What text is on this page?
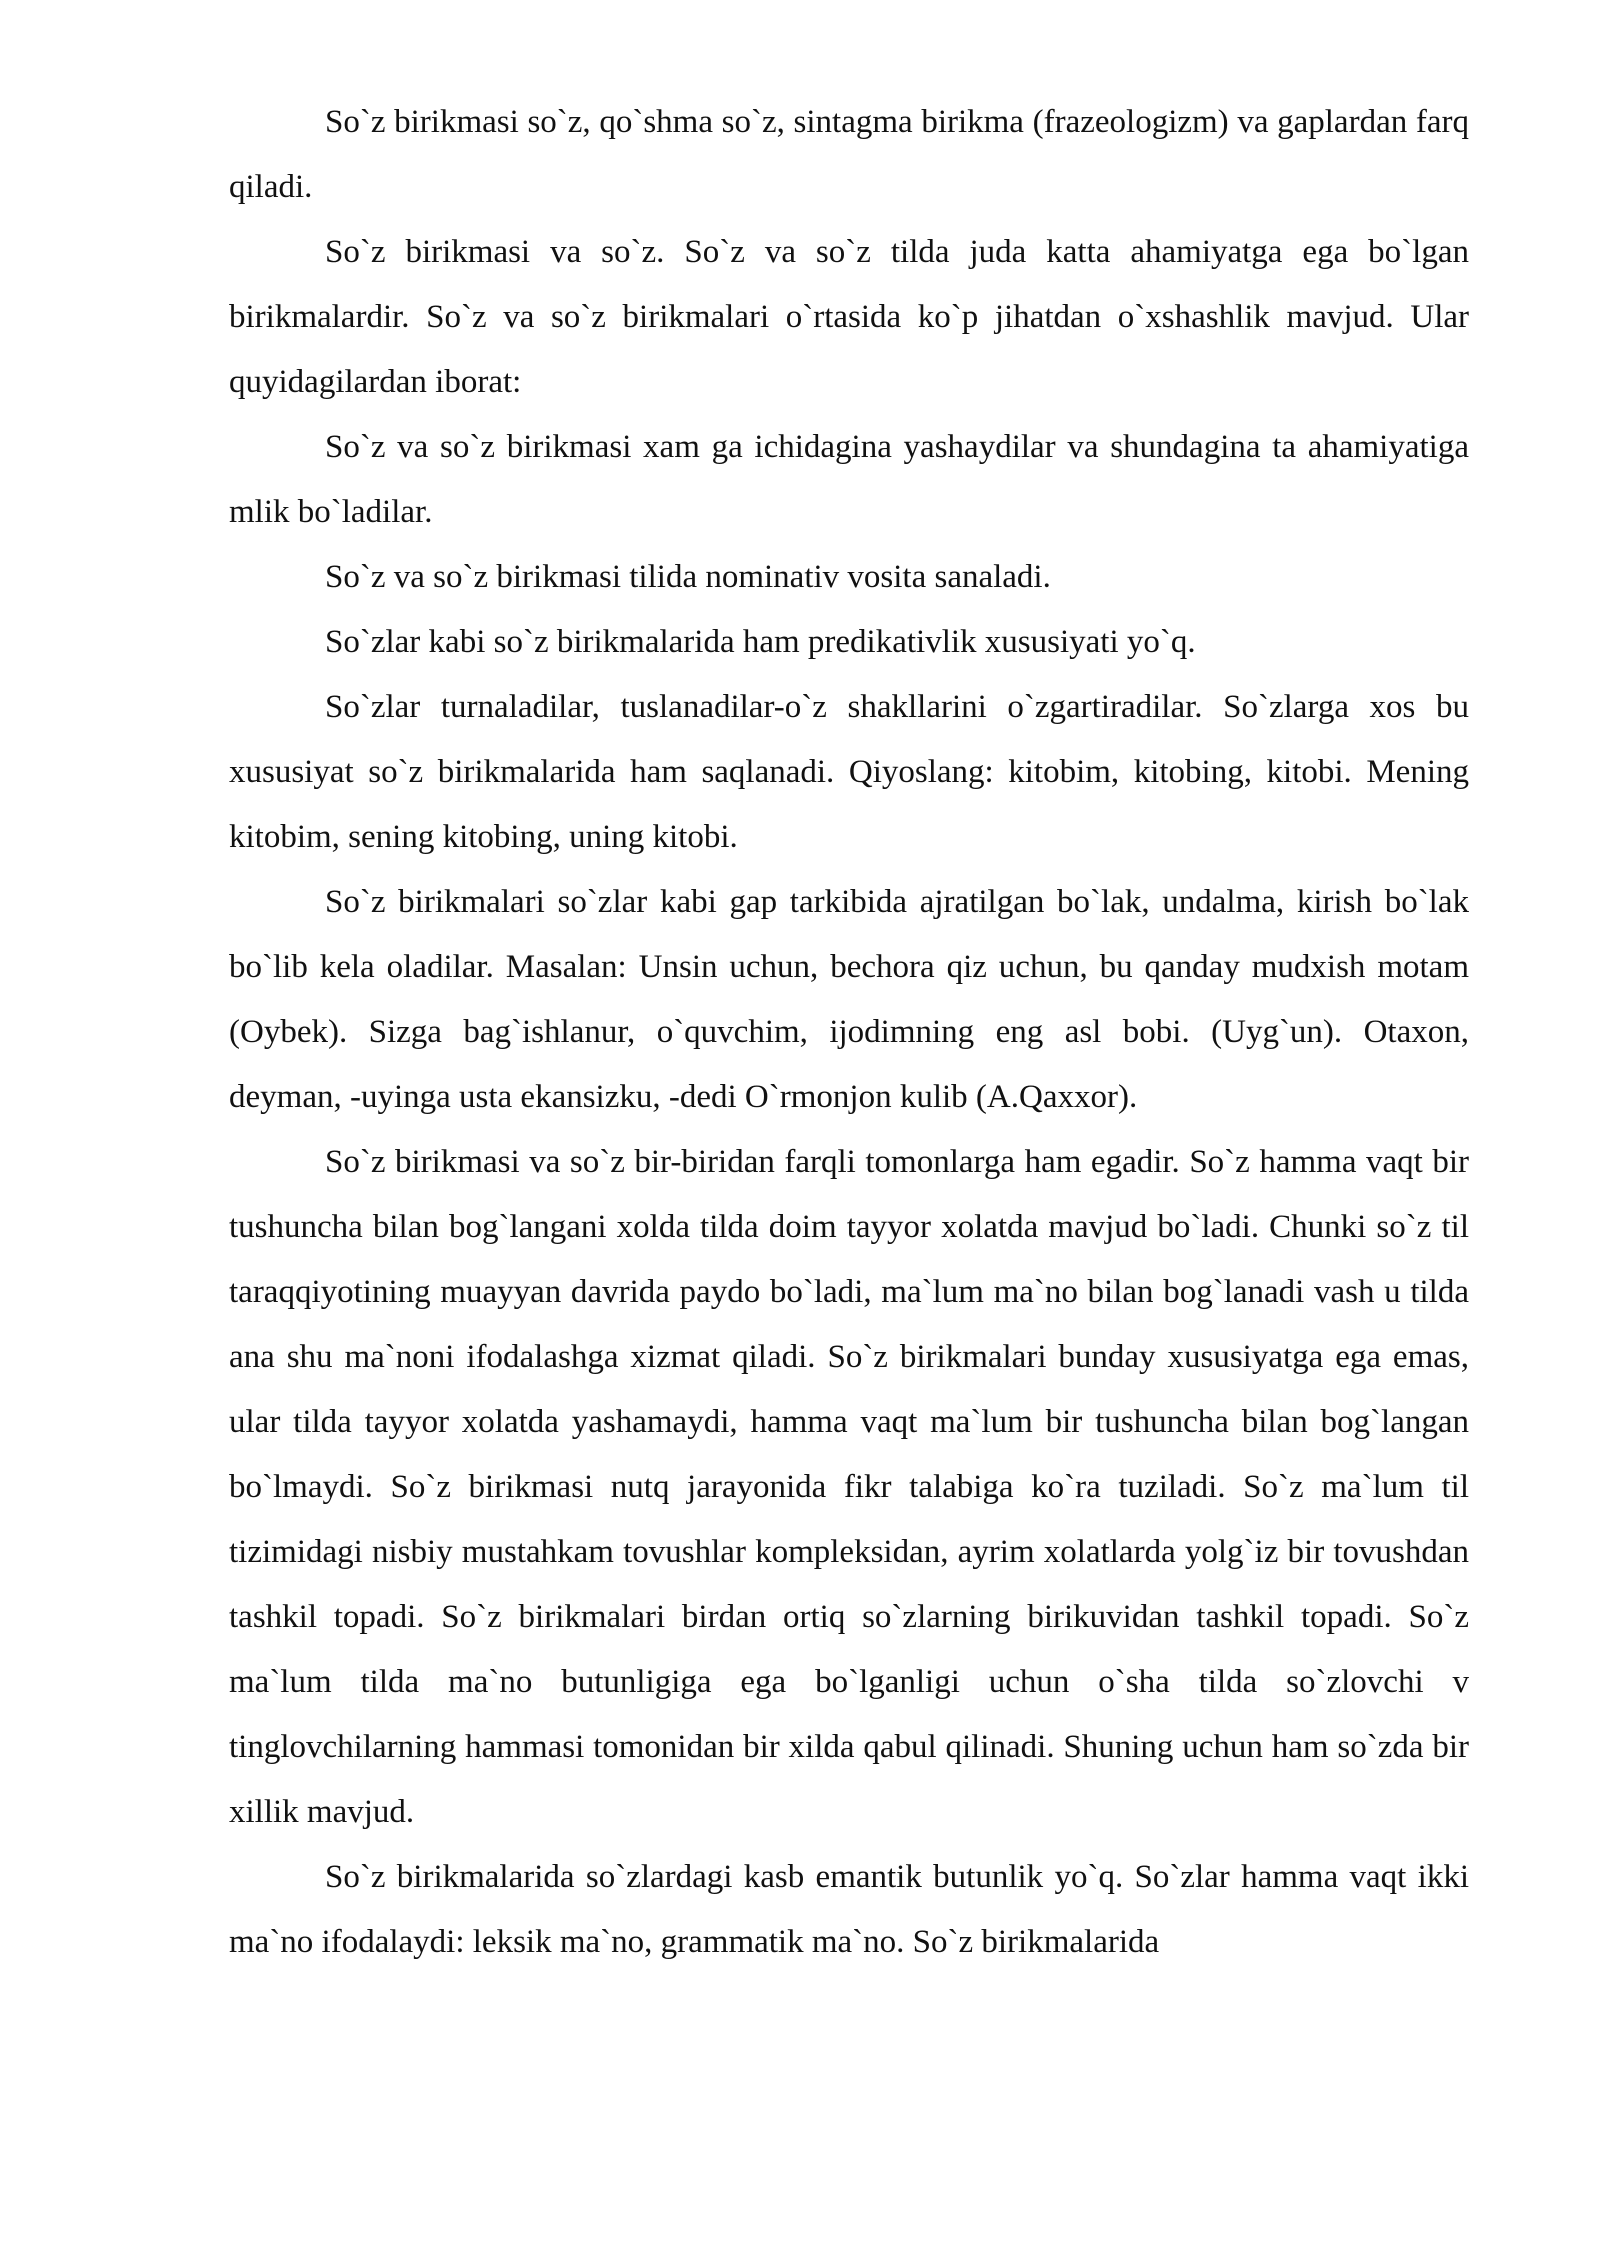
So`z birikmasi so`z, qo`shma so`z, sintagma birikma (frazeologizm) va gaplardan farq qiladi.

So`z birikmasi va so`z. So`z va so`z tilda juda katta ahamiyatga ega bo`lgan birikmalardir. So`z va so`z birikmalari o`rtasida ko`p jihatdan o`xshashlik mavjud. Ular quyidagilardan iborat:

So`z va so`z birikmasi xam ga ichidagina yashaydilar va shundagina ta ahamiyatiga mlik bo`ladilar.

So`z va so`z birikmasi tilida nominativ vosita sanaladi.

So`zlar kabi so`z birikmalarida ham predikativlik xususiyati yo`q.

So`zlar turnaladilar, tuslanadilar-o`z shakllarini o`zgartiradilar. So`zlarga xos bu xususiyat so`z birikmalarida ham saqlanadi. Qiyoslang: kitobim, kitobing, kitobi. Mening kitobim, sening kitobing, uning kitobi.

So`z birikmalari so`zlar kabi gap tarkibida ajratilgan bo`lak, undalma, kirish bo`lak bo`lib kela oladilar. Masalan: Unsin uchun, bechora qiz uchun, bu qanday mudxish motam (Oybek). Sizga bag`ishlanur, o`quvchim, ijodimning eng asl bobi. (Uyg`un). Otaxon, deyman, -uyinga usta ekansizku, -dedi O`rmonjon kulib (A.Qaxxor).

So`z birikmasi va so`z bir-biridan farqli tomonlarga ham egadir. So`z hamma vaqt bir tushuncha bilan bog`langani xolda tilda doim tayyor xolatda mavjud bo`ladi. Chunki so`z til taraqqiyotining muayyan davrida paydo bo`ladi, ma`lum ma`no bilan bog`lanadi vash u tilda ana shu ma`noni ifodalashga xizmat qiladi. So`z birikmalari bunday xususiyatga ega emas, ular tilda tayyor xolatda yashamaydi, hamma vaqt ma`lum bir tushuncha bilan bog`langan bo`lmaydi. So`z birikmasi nutq jarayonida fikr talabiga ko`ra tuziladi. So`z ma`lum til tizimidagi nisbiy mustahkam tovushlar kompleksidan, ayrim xolatlarda yolg`iz bir tovushdan tashkil topadi. So`z birikmalari birdan ortiq so`zlarning birikuvidan tashkil topadi. So`z ma`lum tilda ma`no butunligiga ega bo`lganligi uchun o`sha tilda so`zlovchi v tinglovchilarning hammasi tomonidan bir xilda qabul qilinadi. Shuning uchun ham so`zda bir xillik mavjud.

So`z birikmalarida so`zlardagi kasb emantik butunlik yo`q. So`zlar hamma vaqt ikki ma`no ifodalaydi: leksik ma`no, grammatik ma`no. So`z birikmalarida
